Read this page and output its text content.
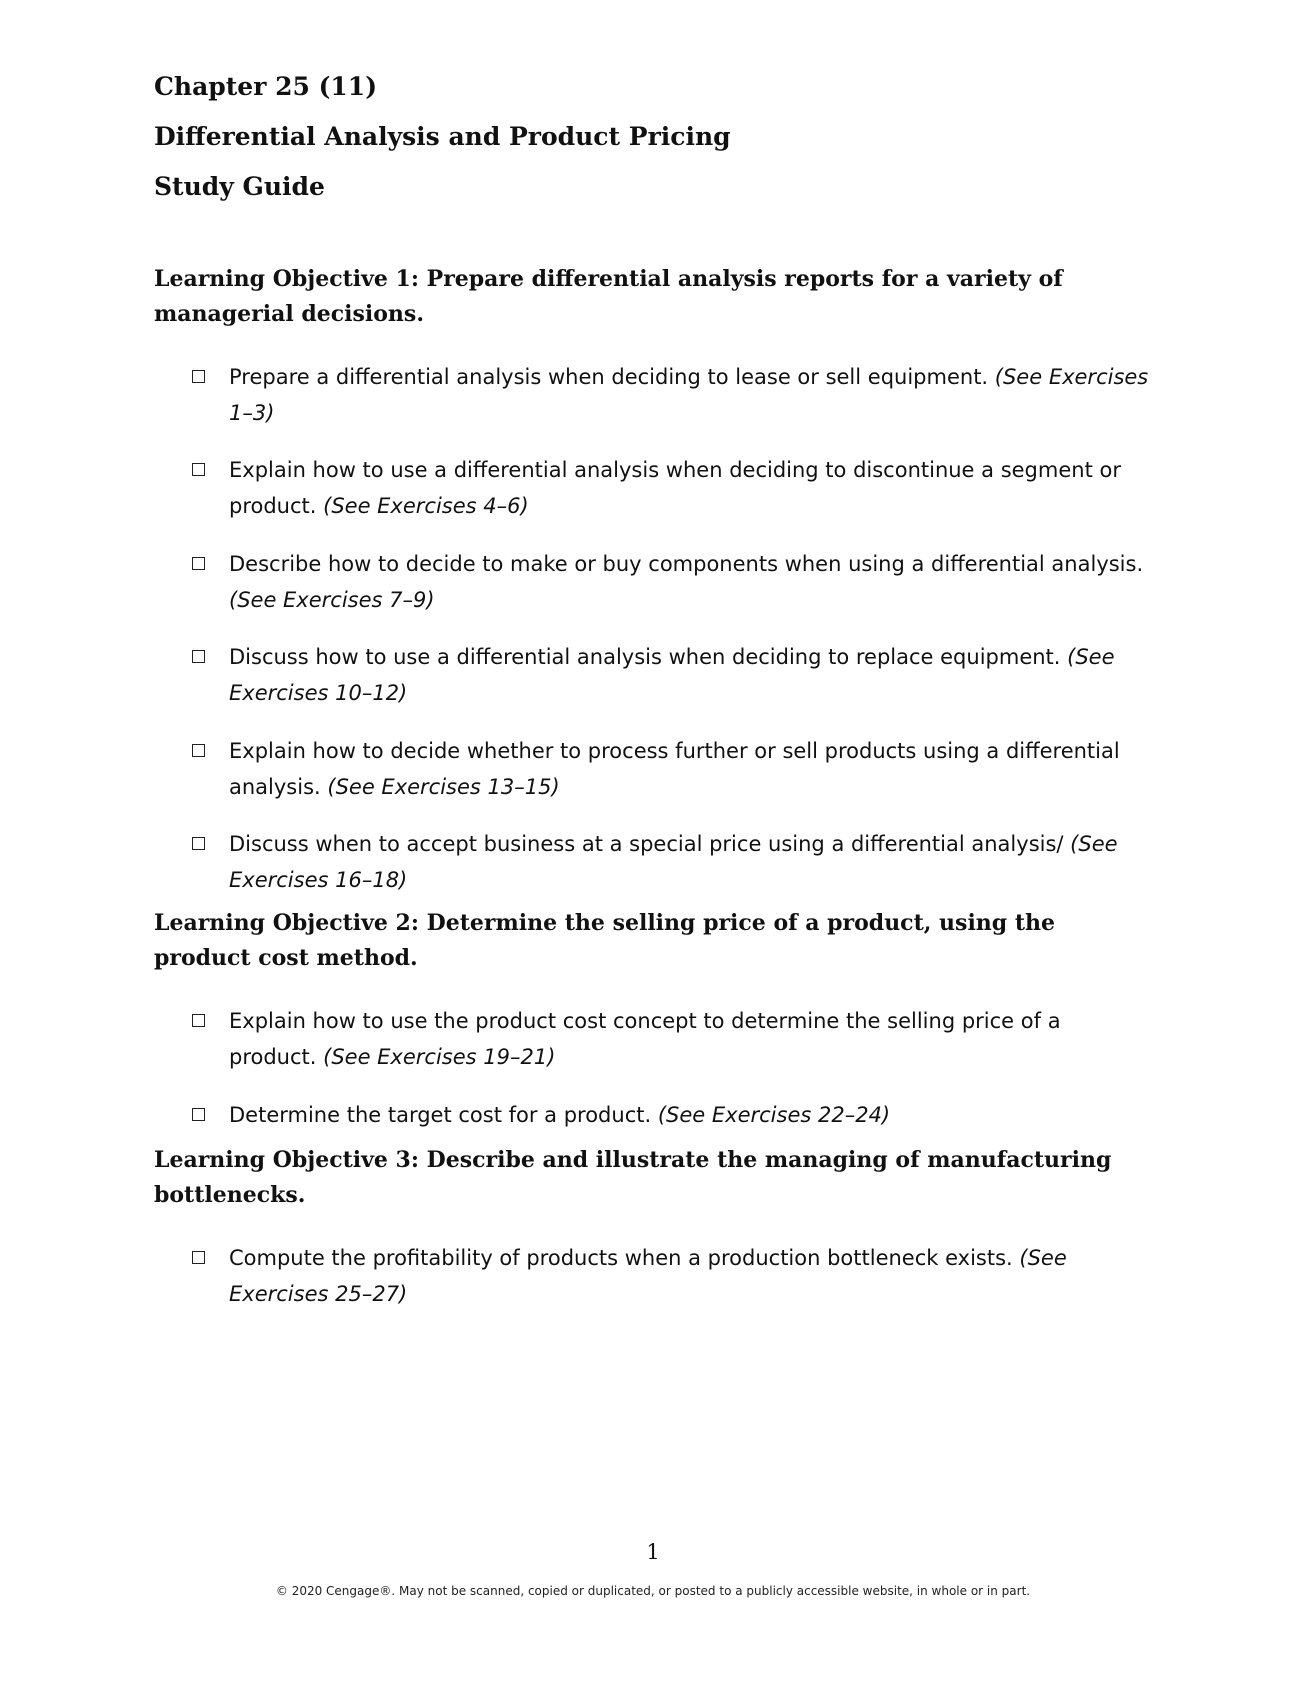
Chapter 25 (11)
Differential Analysis and Product Pricing
Study Guide
Learning Objective 1: Prepare differential analysis reports for a variety of managerial decisions.
Prepare a differential analysis when deciding to lease or sell equipment. (See Exercises 1–3)
Explain how to use a differential analysis when deciding to discontinue a segment or product. (See Exercises 4–6)
Describe how to decide to make or buy components when using a differential analysis. (See Exercises 7–9)
Discuss how to use a differential analysis when deciding to replace equipment. (See Exercises 10–12)
Explain how to decide whether to process further or sell products using a differential analysis. (See Exercises 13–15)
Discuss when to accept business at a special price using a differential analysis/ (See Exercises 16–18)
Learning Objective 2: Determine the selling price of a product, using the product cost method.
Explain how to use the product cost concept to determine the selling price of a product. (See Exercises 19–21)
Determine the target cost for a product. (See Exercises 22–24)
Learning Objective 3: Describe and illustrate the managing of manufacturing bottlenecks.
Compute the profitability of products when a production bottleneck exists. (See Exercises 25–27)
1
© 2020 Cengage®. May not be scanned, copied or duplicated, or posted to a publicly accessible website, in whole or in part.
